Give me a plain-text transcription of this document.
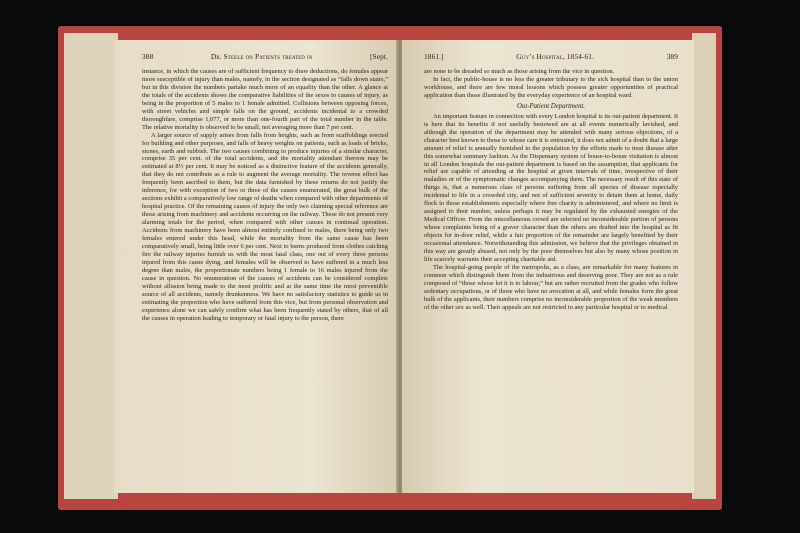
388	Dr. Steele on Patients treated in	[Sept.

instance, in which the causes are of sufficient frequency to draw deductions, do females appear more susceptible of injury than males, namely, in the section designated as “falls down stairs,” but in this division the numbers partake much more of an equality than the other. A glance at the totals of the accidents shows the comparative liabilities of the sexes to causes of injury, as being in the proportion of 5 males to 1 female admitted. Collisions between opposing forces, with street vehicles and simple falls on the ground, accidents incidental to a crowded thoroughfare, comprise 1,077, or more than one-fourth part of the total number in the table. The relative mortality is observed to be small, not averaging more than 7 per cent.

A larger source of supply arises from falls from heights, such as from scaffoldings erected for building and other purposes, and falls of heavy weights on patients, such as loads of bricks, stones, earth and rubbish. The two causes combining to produce injuries of a similar character, comprise 35 per cent. of the total accidents, and the mortality attendant thereon may be estimated at 8½ per cent. It may be noticed as a distinctive feature of the accidents generally, that they do not contribute as a rule to augment the average mortality. The reverse effect has frequently been ascribed to them, but the data furnished by these returns do not justify the inference, for with exception of two or three of the causes enumerated, the great bulk of the sections exhibit a comparatively low range of deaths when compared with other departments of hospital practice. Of the remaining causes of injury the only two claiming special reference are those arising from machinery and accidents occurring on the railway. These do not present very alarming totals for the period, when compared with other causes in continual operation. Accidents from machinery have been almost entirely confined to males, there being only two females entered under this head, while the mortality from the same cause has been comparatively small, being little over 6 per cent. Next to burns produced from clothes catching fire the railway injuries furnish us with the most fatal class, one out of every three persons injured from this cause dying, and females will be observed to have suffered in a much less degree than males, the proportionate numbers being 1 female to 16 males injured from the cause in question. No enumeration of the causes of accidents can be considered complete without allusion being made to the most prolific and at the same time the most preventible source of all accidents, namely drunkenness. We have no satisfactory statistics to guide us in estimating the proportion who have suffered from this vice, but from personal observation and experience alone we can safely confirm what has been frequently stated by others, that of all the causes in operation leading to temporary or fatal injury to the person, there

1861.]	Guy’s Hospital, 1854-61.	389

are none to be dreaded so much as those arising from the vice in question.

In fact, the public-house is no less the greater tributary to the sick hospital than to the union workhouse, and there are few moral lessons which possess greater opportunities of practical application than those illustrated by the everyday experience of an hospital ward.

Out-Patient Department.

An important feature in connection with every London hospital is its out-patient department. It is here that its benefits if not usefully bestowed are at all events numerically lavished, and although the operation of the department may be attended with many serious objections, of a character best known to those to whose care it is entrusted, it does not admit of a doubt that a large amount of relief is annually furnished to the population by the efforts made to treat disease after this somewhat summary fashion. As the Dispensary system of house-to-house visitation is almost in all London hospitals the out-patient department is based on the assumption, that applicants for relief are capable of attending at the hospital at given intervals of time, irrespective of their maladies or of the symptomatic changes accompanying them. The necessary result of this state of things is, that a numerous class of persons suffering from all species of disease especially incidental to life in a crowded city, and not of sufficient severity to detain them at home, daily flock to those establishments especially where free charity is administered, and where no limit is assigned to their number, unless perhaps it may be regulated by the exhausted energies of the Medical Officer. From the miscellaneous crowd are selected no inconsiderable portion of persons whose complaints being of a graver character than the others are drafted into the hospital as fit objects for in-door relief, while a fair proportion of the remainder are largely benefited by their occasional attendance. Notwithstanding this admission, we believe that the privileges obtained in this way are greatly abused, not only by the poor themselves but also by many whose position in life scarcely warrants their accepting charitable aid.

The hospital-going people of the metropolis, as a class, are remarkable for many features in common which distinguish them from the industrious and deserving poor. They are not as a rule composed of “those whose lot it is to labour,” but are rather recruited from the grades who follow sedentary occupations, or of those who have no avocation at all, and while females form the great bulk of the applicants, their numbers comprise no inconsiderable proportion of the weak members of the other sex as well. Their appeals are not restricted to any particular hospital or to medical
